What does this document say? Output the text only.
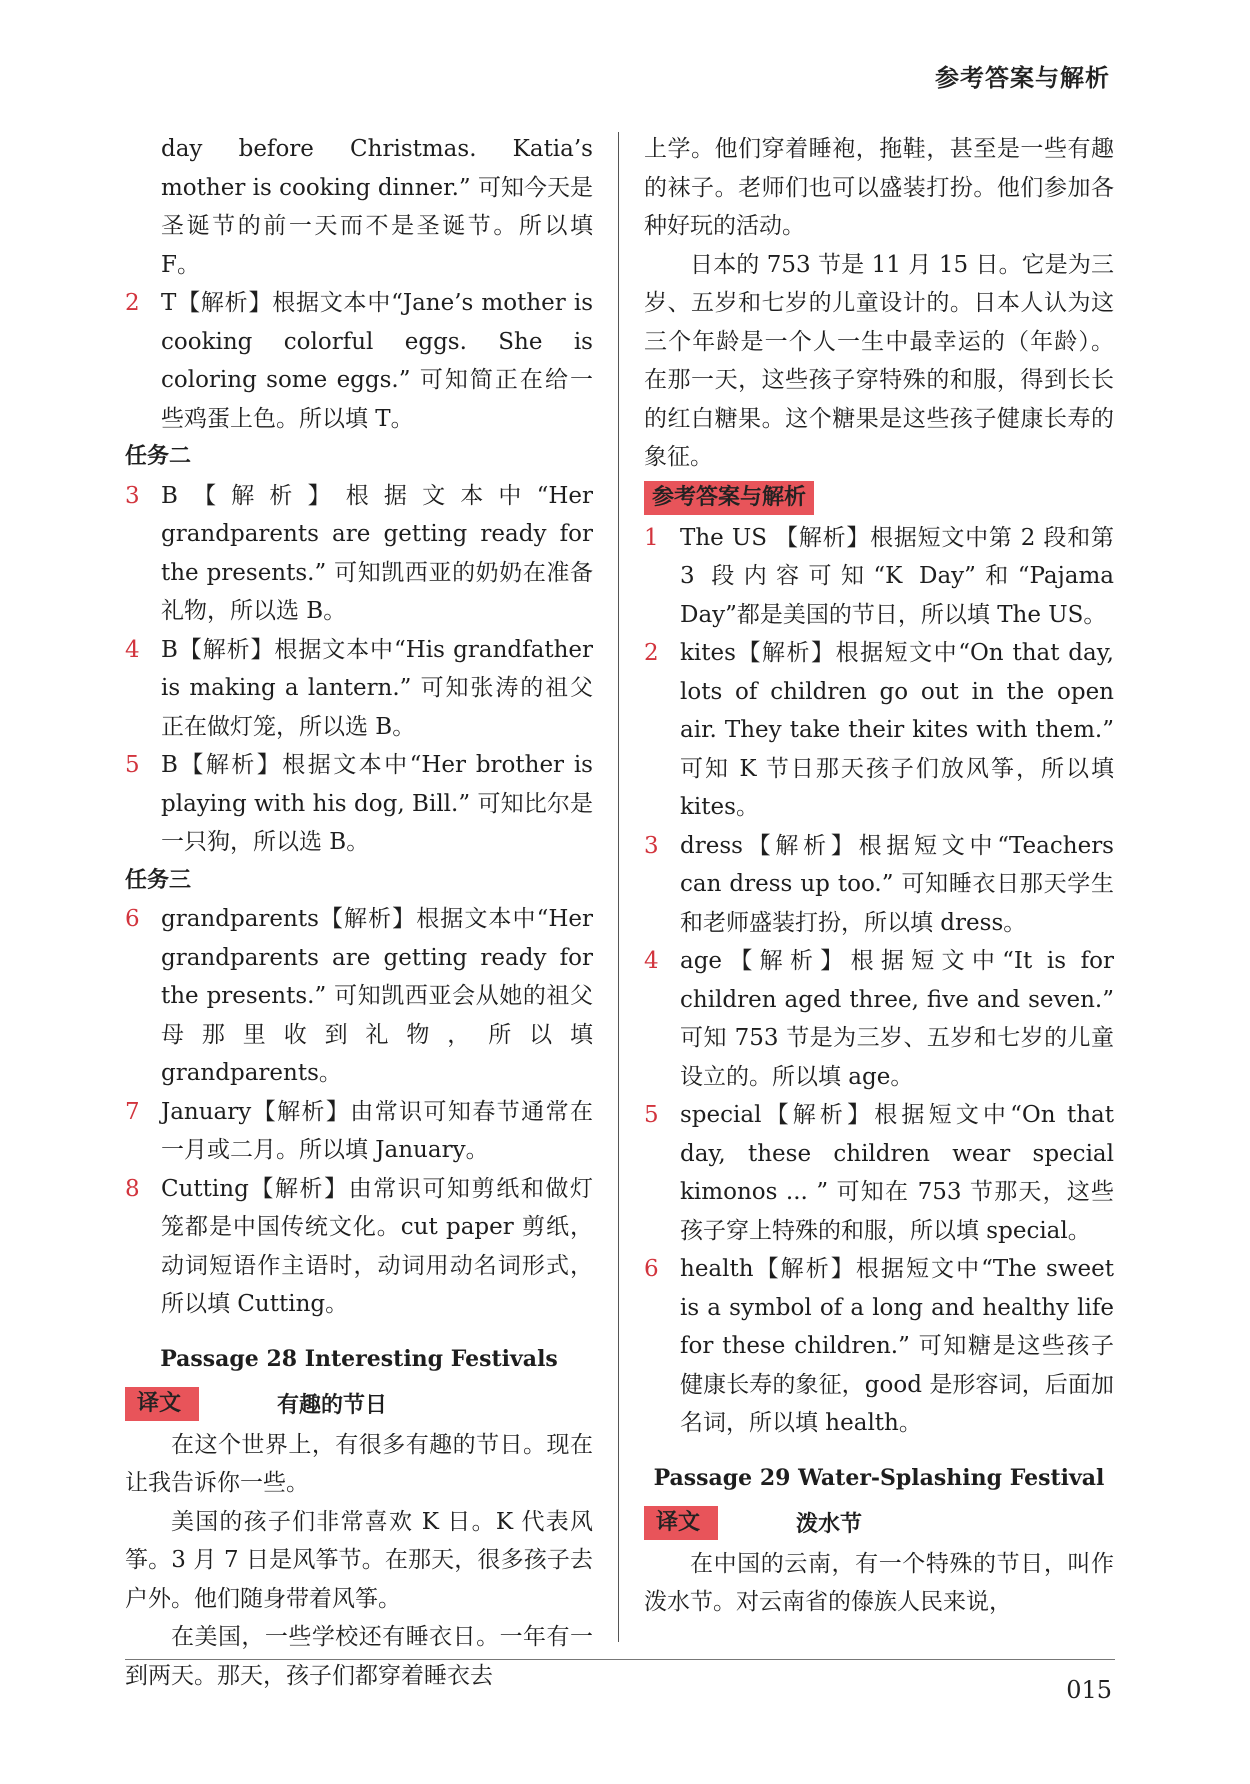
参考答案与解析

day before Christmas. Katia’s mother is cooking dinner.” 可知今天是圣诞节的前一天而不是圣诞节。所以填 F。

2 T【解析】根据文本中“Jane’s mother is cooking colorful eggs. She is coloring some eggs.” 可知简正在给一些鸡蛋上色。所以填 T。

任务二

3 B【解析】根据文本中“Her grandparents are getting ready for the presents.” 可知凯西亚的奶奶在准备礼物，所以选 B。
4 B【解析】根据文本中“His grandfather is making a lantern.” 可知张涛的祖父正在做灯笼，所以选 B。
5 B【解析】根据文本中“Her brother is playing with his dog, Bill.” 可知比尔是一只狗，所以选 B。

任务三

6 grandparents【解析】根据文本中“Her grandparents are getting ready for the presents.” 可知凯西亚会从她的祖父母那里收到礼物，所以填 grandparents。
7 January【解析】由常识可知春节通常在一月或二月。所以填 January。
8 Cutting【解析】由常识可知剪纸和做灯笼都是中国传统文化。cut paper 剪纸，动词短语作主语时，动词用动名词形式，所以填 Cutting。

Passage 28 Interesting Festivals

译文	有趣的节日

在这个世界上，有很多有趣的节日。现在让我告诉你一些。

美国的孩子们非常喜欢 K 日。K 代表风筝。3 月 7 日是风筝节。在那天，很多孩子去户外。他们随身带着风筝。

在美国，一些学校还有睡衣日。一年有一到两天。那天，孩子们都穿着睡衣去

上学。他们穿着睡袍，拖鞋，甚至是一些有趣的袜子。老师们也可以盛装打扮。他们参加各种好玩的活动。

日本的 753 节是 11 月 15 日。它是为三岁、五岁和七岁的儿童设计的。日本人认为这三个年龄是一个人一生中最幸运的（年龄）。在那一天，这些孩子穿特殊的和服，得到长长的红白糖果。这个糖果是这些孩子健康长寿的象征。

参考答案与解析
1 The US 【解析】根据短文中第 2 段和第 3 段内容可知“K Day”和“Pajama Day”都是美国的节日，所以填 The US。
2 kites【解析】根据短文中“On that day, lots of children go out in the open air. They take their kites with them.” 可知 K 节日那天孩子们放风筝，所以填 kites。
3 dress【解析】根据短文中“Teachers can dress up too.” 可知睡衣日那天学生和老师盛装打扮，所以填 dress。
4 age【解析】根据短文中“It is for children aged three, five and seven.” 可知 753 节是为三岁、五岁和七岁的儿童设立的。所以填 age。
5 special【解析】根据短文中“On that day, these children wear special kimonos ... ” 可知在 753 节那天，这些孩子穿上特殊的和服，所以填 special。
6 health【解析】根据短文中“The sweet is a symbol of a long and healthy life for these children.” 可知糖是这些孩子健康长寿的象征，good 是形容词，后面加名词，所以填 health。

Passage 29 Water-Splashing Festival

译文	泼水节

在中国的云南，有一个特殊的节日，叫作泼水节。对云南省的傣族人民来说，

015
